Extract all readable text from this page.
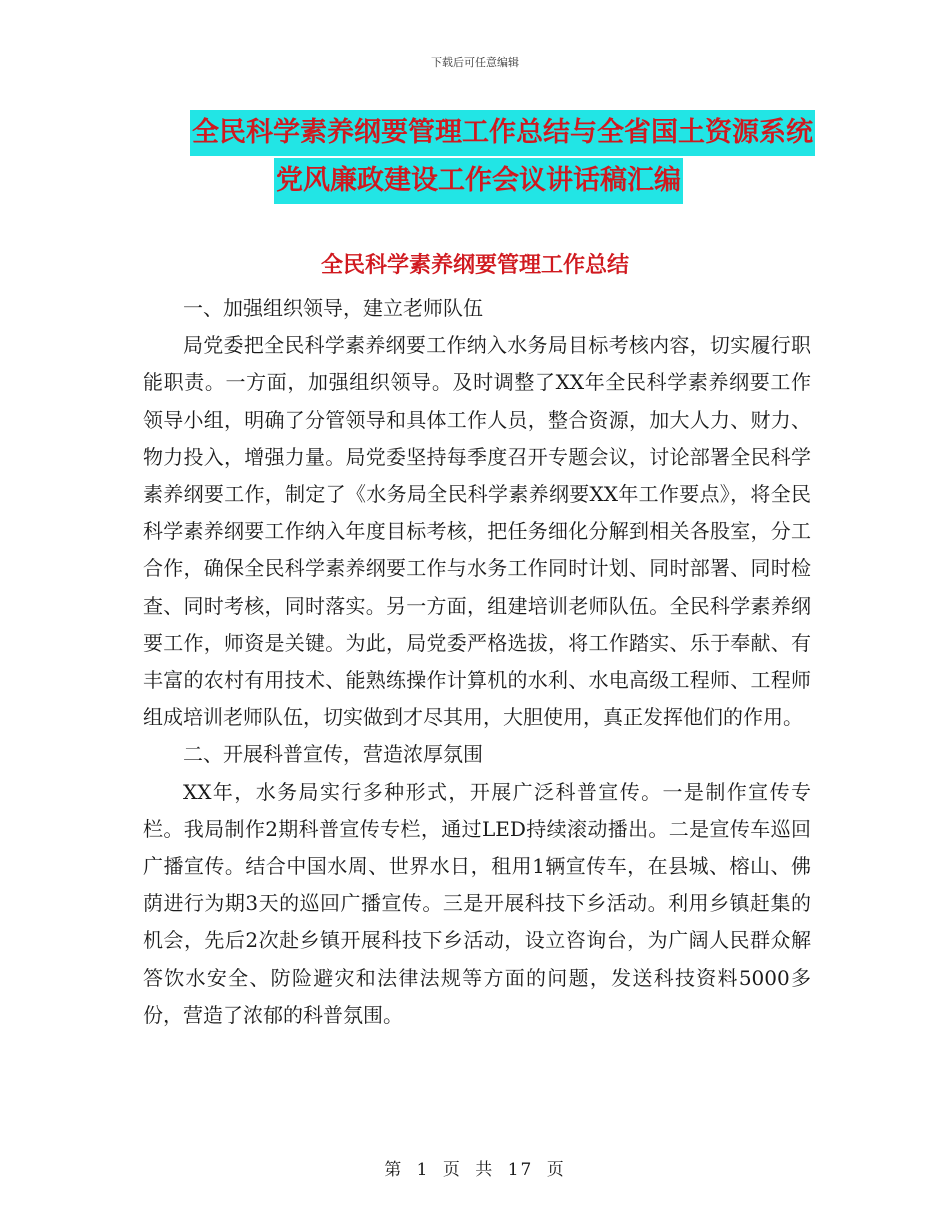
下载后可任意编辑
全民科学素养纲要管理工作总结与全省国土资源系统
党风廉政建设工作会议讲话稿汇编
全民科学素养纲要管理工作总结

一、加强组织领导，建立老师队伍

局党委把全民科学素养纲要工作纳入水务局目标考核内容，切实履行职能职责。一方面，加强组织领导。及时调整了XX年全民科学素养纲要工作领导小组，明确了分管领导和具体工作人员，整合资源，加大人力、财力、物力投入，增强力量。局党委坚持每季度召开专题会议，讨论部署全民科学素养纲要工作，制定了《水务局全民科学素养纲要XX年工作要点》，将全民科学素养纲要工作纳入年度目标考核，把任务细化分解到相关各股室，分工合作，确保全民科学素养纲要工作与水务工作同时计划、同时部署、同时检查、同时考核，同时落实。另一方面，组建培训老师队伍。全民科学素养纲要工作，师资是关键。为此，局党委严格选拔，将工作踏实、乐于奉献、有丰富的农村有用技术、能熟练操作计算机的水利、水电高级工程师、工程师组成培训老师队伍，切实做到才尽其用，大胆使用，真正发挥他们的作用。

二、开展科普宣传，营造浓厚氛围

XX年，水务局实行多种形式，开展广泛科普宣传。一是制作宣传专栏。我局制作2期科普宣传专栏，通过LED持续滚动播出。二是宣传车巡回广播宣传。结合中国水周、世界水日，租用1辆宣传车，在县城、榕山、佛荫进行为期3天的巡回广播宣传。三是开展科技下乡活动。利用乡镇赶集的机会，先后2次赴乡镇开展科技下乡活动，设立咨询台，为广阔人民群众解答饮水安全、防险避灾和法律法规等方面的问题，发送科技资料5000多份，营造了浓郁的科普氛围。

第 1 页 共 17 页
